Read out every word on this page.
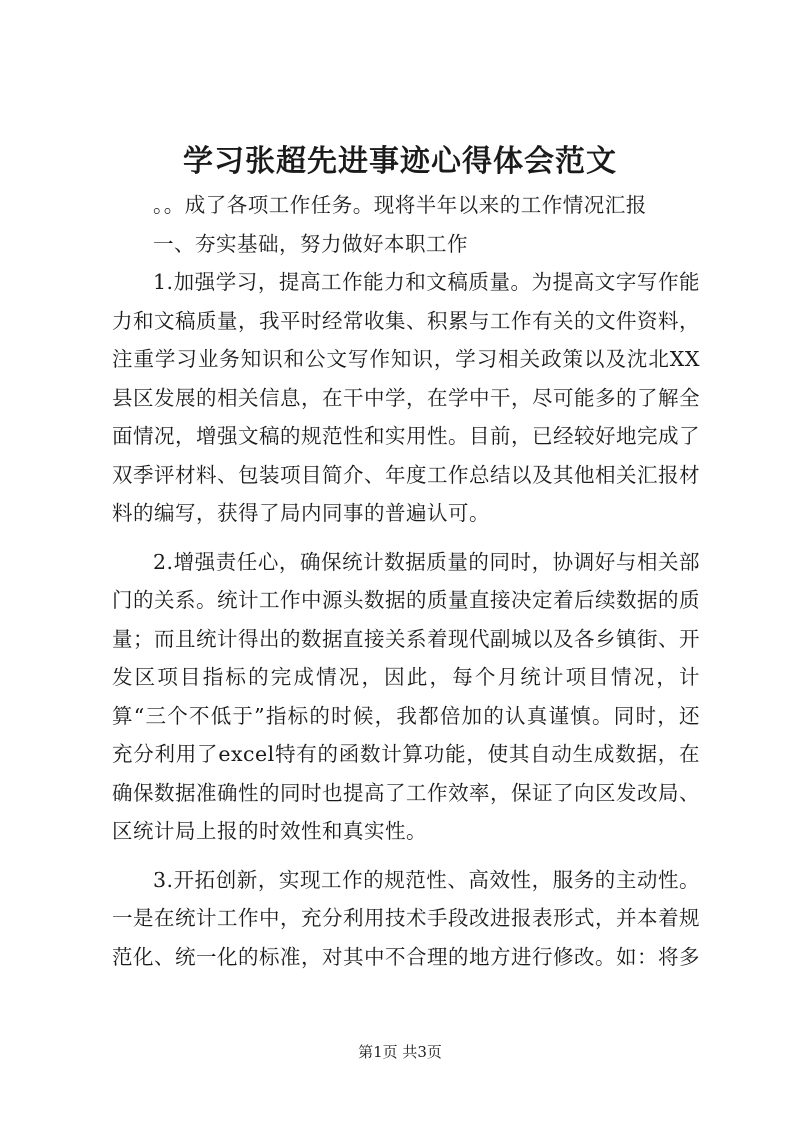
学习张超先进事迹心得体会范文

。。成了各项工作任务。现将半年以来的工作情况汇报

一、夯实基础，努力做好本职工作

1.加强学习，提高工作能力和文稿质量。为提高文字写作能力和文稿质量，我平时经常收集、积累与工作有关的文件资料，注重学习业务知识和公文写作知识，学习相关政策以及沈北XX县区发展的相关信息，在干中学，在学中干，尽可能多的了解全面情况，增强文稿的规范性和实用性。目前，已经较好地完成了双季评材料、包装项目简介、年度工作总结以及其他相关汇报材料的编写，获得了局内同事的普遍认可。

2.增强责任心，确保统计数据质量的同时，协调好与相关部门的关系。统计工作中源头数据的质量直接决定着后续数据的质量；而且统计得出的数据直接关系着现代副城以及各乡镇街、开发区项目指标的完成情况，因此，每个月统计项目情况，计算“三个不低于”指标的时候，我都倍加的认真谨慎。同时，还充分利用了excel特有的函数计算功能，使其自动生成数据，在确保数据准确性的同时也提高了工作效率，保证了向区发改局、区统计局上报的时效性和真实性。

3.开拓创新，实现工作的规范性、高效性，服务的主动性。一是在统计工作中，充分利用技术手段改进报表形式，并本着规范化、统一化的标准，对其中不合理的地方进行修改。如：将多

第1页 共3页
